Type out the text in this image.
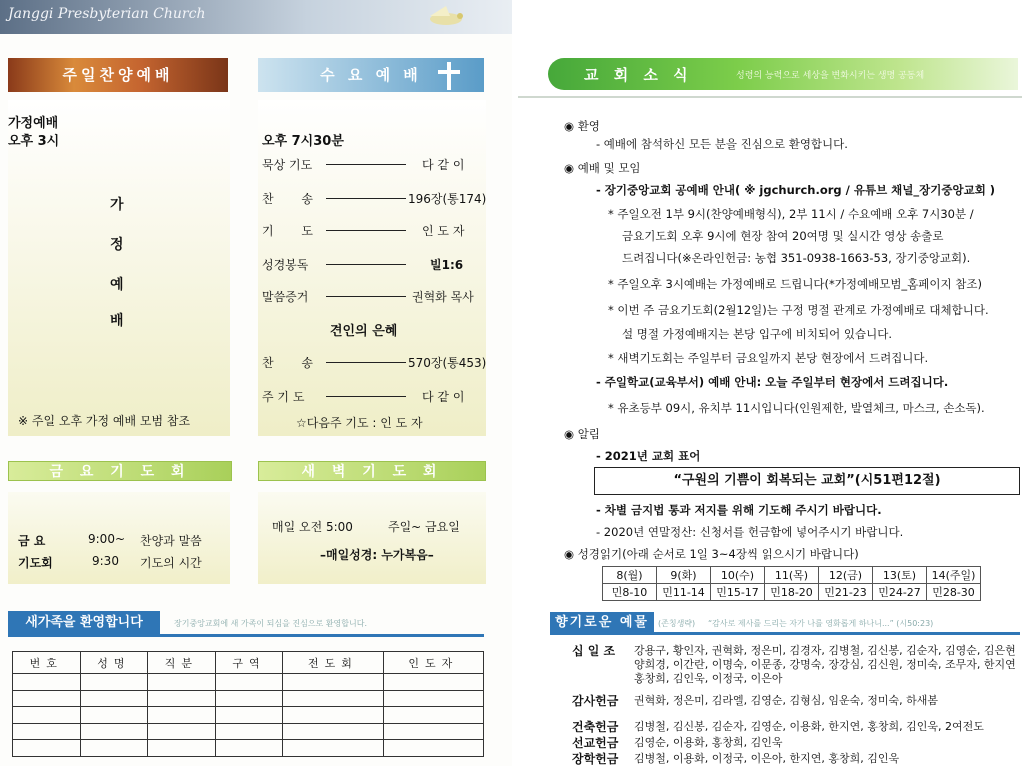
Janggi Presbyterian Church
주일찬양예배	수 요 예 배
가정예배
오후 3시
가
정
예
배
※ 주일 오후 가정 예배 모범 참조
오후 7시30분
묵상 기도	다 같 이
찬 송	196장(통174)
기 도	인 도 자
성경봉독	빌1:6
말씀증거	권혁화 목사
견인의 은혜
찬 송	570장(통453)
주 기 도	다 같 이
☆다음주 기도 : 인 도 자
금 요 기 도 회	새 벽 기 도 회
금 요	9:00~ 찬양과 말씀
기도회	9:30 기도의 시간
매일 오전 5:00	주일~ 금요일
–매일성경: 누가복음–
새가족을 환영합니다	장기중앙교회에 새 가족이 되심을 진심으로 환영합니다.
번호	성명	직분	구역	전도회	인도자

교 회 소 식	성령의 능력으로 세상을 변화시키는 생명 공동체
◉ 환영
- 예배에 참석하신 모든 분을 진심으로 환영합니다.
◉ 예배 및 모임
- 장기중앙교회 공예배 안내( ※ jgchurch.org / 유튜브 채널_장기중앙교회 )
* 주일오전 1부 9시(찬양예배형식), 2부 11시 / 수요예배 오후 7시30분 /
금요기도회 오후 9시에 현장 참여 20여명 및 실시간 영상 송출로
드려집니다(※온라인헌금: 농협 351-0938-1663-53, 장기중앙교회).
* 주일오후 3시예배는 가정예배로 드립니다(*가정예배모범_홈페이지 참조)
* 이번 주 금요기도회(2월12일)는 구정 명절 관계로 가정예배로 대체합니다.
설 명절 가정예배지는 본당 입구에 비치되어 있습니다.
* 새벽기도회는 주일부터 금요일까지 본당 현장에서 드려집니다.
- 주일학교(교육부서) 예배 안내: 오늘 주일부터 현장에서 드려집니다.
* 유초등부 09시, 유치부 11시입니다(인원제한, 발열체크, 마스크, 손소독).
◉ 알림
- 2021년 교회 표어
“구원의 기쁨이 회복되는 교회”(시51편12절)
- 차별 금지법 통과 저지를 위해 기도해 주시기 바랍니다.
- 2020년 연말정산: 신청서를 헌금함에 넣어주시기 바랍니다.
◉ 성경읽기(아래 순서로 1일 3~4장씩 읽으시기 바랍니다)
8(월)	9(화)	10(수)	11(목)	12(금)	13(토)	14(주일)
민8-10	민11-14	민15-17	민18-20	민21-23	민24-27	민28-30
향기로운 예물	(존칭생략) “감사로 제사를 드리는 자가 나를 영화롭게 하나니...” (시50:23)
십 일 조 강용구, 황인자, 권혁화, 정은미, 김경자, 김병철, 김신봉, 김순자, 김영순, 김은현
양희경, 이간란, 이명숙, 이문종, 강명숙, 장강심, 김신원, 정미숙, 조무자, 한지연
홍창희, 김인욱, 이정국, 이은아
감사헌금 권혁화, 정은미, 김라엘, 김영순, 김형심, 임운숙, 정미숙, 하새봄
건축헌금 김병철, 김신봉, 김순자, 김영순, 이용화, 한지연, 홍창희, 김인욱, 2여전도
선교헌금 김영순, 이용화, 홍창희, 김인욱
장학헌금 김병철, 이용화, 이정국, 이은아, 한지연, 홍창희, 김인욱
